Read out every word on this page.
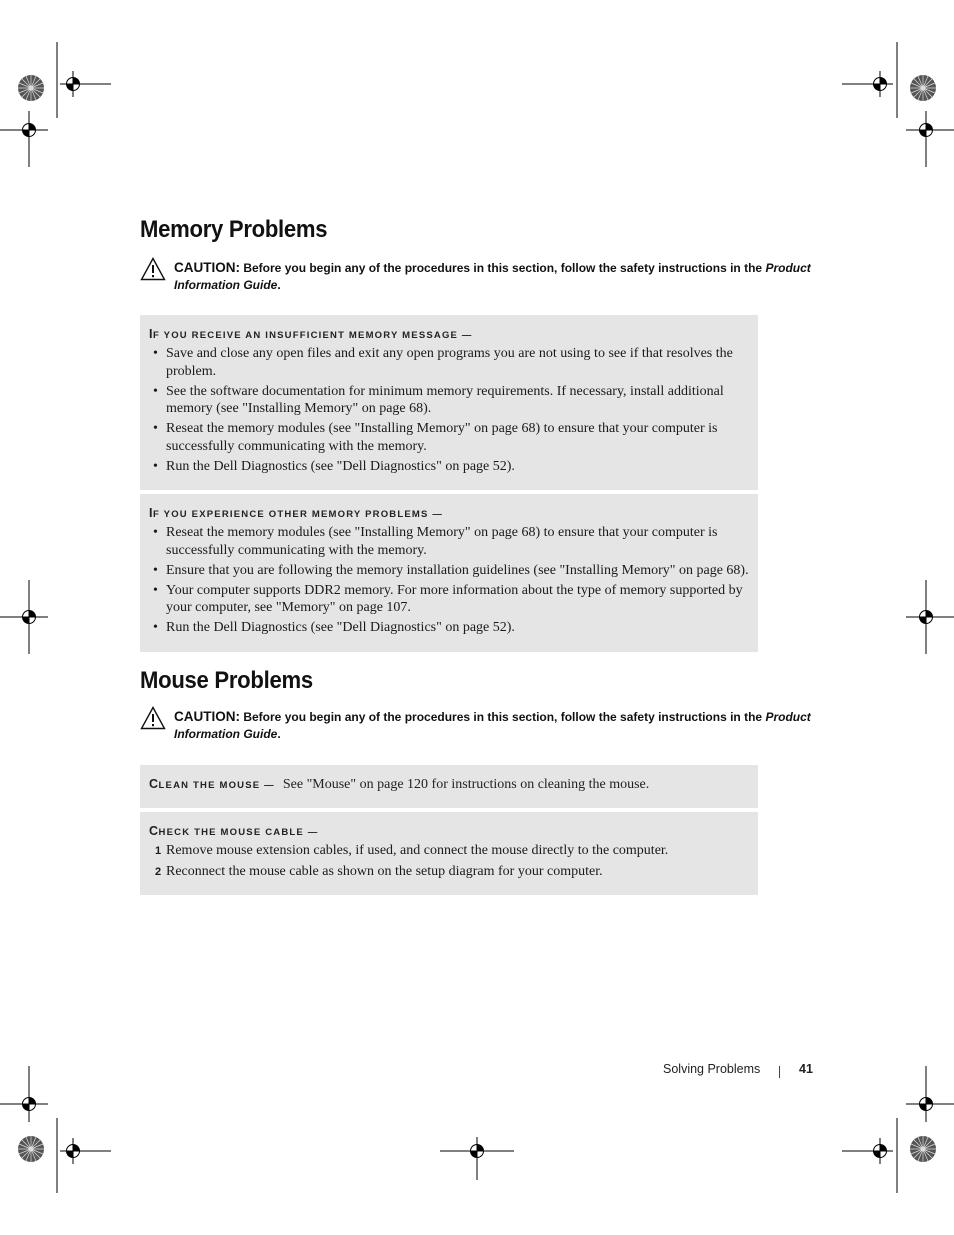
Memory Problems
CAUTION: Before you begin any of the procedures in this section, follow the safety instructions in the Product Information Guide.
IF YOU RECEIVE AN INSUFFICIENT MEMORY MESSAGE —
• Save and close any open files and exit any open programs you are not using to see if that resolves the problem.
• See the software documentation for minimum memory requirements. If necessary, install additional memory (see "Installing Memory" on page 68).
• Reseat the memory modules (see "Installing Memory" on page 68) to ensure that your computer is successfully communicating with the memory.
• Run the Dell Diagnostics (see "Dell Diagnostics" on page 52).
IF YOU EXPERIENCE OTHER MEMORY PROBLEMS —
• Reseat the memory modules (see "Installing Memory" on page 68) to ensure that your computer is successfully communicating with the memory.
• Ensure that you are following the memory installation guidelines (see "Installing Memory" on page 68).
• Your computer supports DDR2 memory. For more information about the type of memory supported by your computer, see "Memory" on page 107.
• Run the Dell Diagnostics (see "Dell Diagnostics" on page 52).
Mouse Problems
CAUTION: Before you begin any of the procedures in this section, follow the safety instructions in the Product Information Guide.
CLEAN THE MOUSE — See "Mouse" on page 120 for instructions on cleaning the mouse.
CHECK THE MOUSE CABLE —
1 Remove mouse extension cables, if used, and connect the mouse directly to the computer.
2 Reconnect the mouse cable as shown on the setup diagram for your computer.
Solving Problems	41
